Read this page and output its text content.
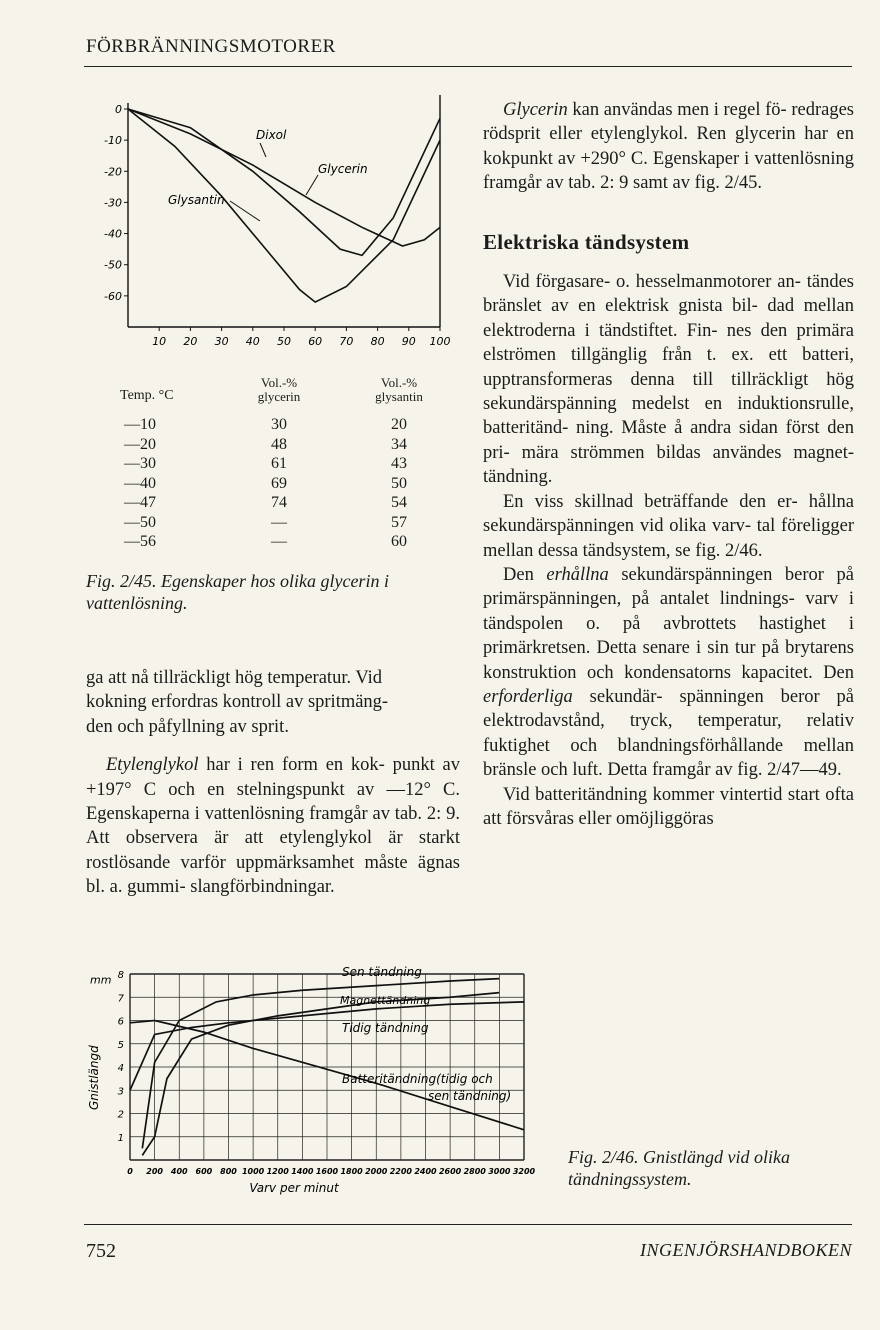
FÖRBRÄNNINGSMOTORER
0
-10
-20
-30
-40
-50
-60
10 20 30 40 50 60 70 80 90 100
Dixol
Glycerin
Glysantin
Temp. °C
Vol.‑% glycerin
Vol.‑% glysantin
—10	30	20
—20	48	34
—30	61	43
—40	69	50
—47	74	54
—50	—	57
—56	—	60
Fig. 2/45. Egenskaper hos olika glycerin i vattenlösning.

ga att nå tillräckligt hög temperatur. Vid
kokning erfordras kontroll av spritmäng‑
den och påfyllning av sprit.

Etylenglykol har i ren form en kok‑ punkt av +197° C och en stelningspunkt av —12° C. Egenskaperna i vattenlösning framgår av tab. 2: 9. Att observera är att etylenglykol är starkt rostlösande varför uppmärksamhet måste ägnas bl. a. gummi‑ slangförbindningar.

Glycerin kan användas men i regel fö‑ redrages rödsprit eller etylenglykol. Ren glycerin har en kokpunkt av +290° C. Egenskaper i vattenlösning framgår av tab. 2: 9 samt av fig. 2/45.

Elektriska tändsystem

Vid förgasare‑ o. hesselmanmotorer an‑ tändes bränslet av en elektrisk gnista bil‑ dad mellan elektroderna i tändstiftet. Fin‑ nes den primära elströmen tillgänglig från t. ex. ett batteri, upptransformeras denna till tillräckligt hög sekundärspänning medelst en induktionsrulle, batteritänd‑ ning. Måste å andra sidan först den pri‑ mära strömmen bildas användes magnet‑ tändning.

En viss skillnad beträffande den er‑ hållna sekundärspänningen vid olika varv‑ tal föreligger mellan dessa tändsystem, se fig. 2/46.

Den erhållna sekundärspänningen beror på primärspänningen, på antalet lindnings‑ varv i tändspolen o. på avbrottets hastighet i primärkretsen. Detta senare i sin tur på brytarens konstruktion och kondensatorns kapacitet. Den erforderliga sekundär‑ spänningen beror på elektrodavstånd, tryck, temperatur, relativ fuktighet och blandningsförhållande mellan bränsle och luft. Detta framgår av fig. 2/47—49.

Vid batteritändning kommer vintertid start ofta att försvåras eller omöjliggöras

1
2
3
4
5
6
7
8
0 200 400 600 800 1000 1200 1400 1600 1800 2000 2200 2400 2600 2800 3000 3200
mm
Gnistlängd
Varv per minut
Sen tändning
Magnettändning
Tidig tändning
Batteritändning(tidig och
sen tändning)
Fig. 2/46. Gnistlängd vid olika tändningssystem.
752	INGENJÖRSHANDBOKEN
